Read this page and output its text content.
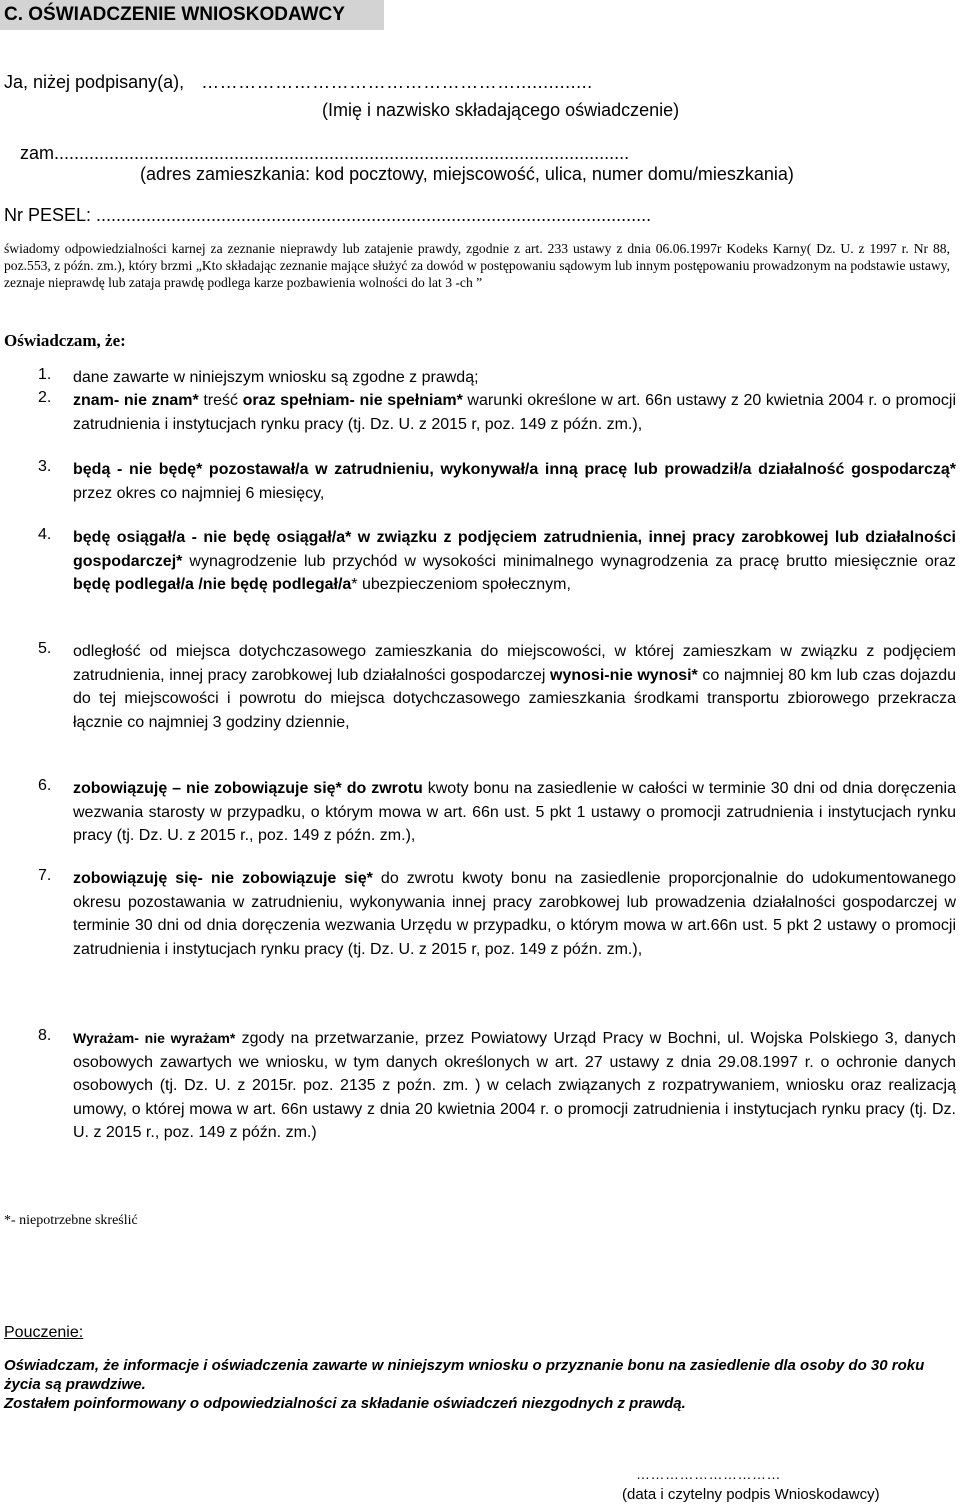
C. OŚWIADCZENIE WNIOSKODAWCY
Ja, niżej podpisany(a), ……………………………………………..............
(Imię i nazwisko składającego oświadczenie)
zam...................................................................................................................
(adres zamieszkania: kod pocztowy, miejscowość, ulica, numer domu/mieszkania)
Nr PESEL: ...............................................................................................................
świadomy odpowiedzialności karnej za zeznanie nieprawdy lub zatajenie prawdy, zgodnie z art. 233 ustawy z dnia 06.06.1997r Kodeks Karny( Dz. U. z 1997 r. Nr 88, poz.553, z późn. zm.), który brzmi „Kto składając zeznanie mające służyć za dowód w postępowaniu sądowym lub innym postępowaniu prowadzonym na podstawie ustawy, zeznaje nieprawdę lub zataja prawdę podlega karze pozbawienia wolności do lat 3 -ch ”
Oświadczam, że:
1.	dane zawarte w niniejszym wniosku są zgodne z prawdą;
2.	znam- nie znam* treść oraz spełniam- nie spełniam* warunki określone w art. 66n ustawy z 20 kwietnia 2004 r. o promocji zatrudnienia i instytucjach rynku pracy (tj. Dz. U. z 2015 r, poz. 149 z późn. zm.),
3.	będą - nie będę* pozostawał/a w zatrudnieniu, wykonywał/a inną pracę lub prowadził/a działalność gospodarczą* przez okres co najmniej 6 miesięcy,
4.	będę osiągał/a - nie będę osiągał/a* w związku z podjęciem zatrudnienia, innej pracy zarobkowej lub działalności gospodarczej* wynagrodzenie lub przychód w wysokości minimalnego wynagrodzenia za pracę brutto miesięcznie oraz będę podlegał/a /nie będę podlegał/a* ubezpieczeniom społecznym,
5.	odległość od miejsca dotychczasowego zamieszkania do miejscowości, w której zamieszkam w związku z podjęciem zatrudnienia, innej pracy zarobkowej lub działalności gospodarczej wynosi-nie wynosi* co najmniej 80 km lub czas dojazdu do tej miejscowości i powrotu do miejsca dotychczasowego zamieszkania środkami transportu zbiorowego przekracza łącznie co najmniej 3 godziny dziennie,
6.	zobowiązuję – nie zobowiązuje się* do zwrotu kwoty bonu na zasiedlenie w całości w terminie 30 dni od dnia doręczenia wezwania starosty w przypadku, o którym mowa w art. 66n ust. 5 pkt 1 ustawy o promocji zatrudnienia i instytucjach rynku pracy (tj. Dz. U. z 2015 r., poz. 149 z późn. zm.),
7.	zobowiązuję się- nie zobowiązuje się* do zwrotu kwoty bonu na zasiedlenie proporcjonalnie do udokumentowanego okresu pozostawania w zatrudnieniu, wykonywania innej pracy zarobkowej lub prowadzenia działalności gospodarczej w terminie 30 dni od dnia doręczenia wezwania Urzędu w przypadku, o którym mowa w art.66n ust. 5 pkt 2 ustawy o promocji zatrudnienia i instytucjach rynku pracy (tj. Dz. U. z 2015 r, poz. 149 z późn. zm.),
8.	Wyrażam- nie wyrażam* zgody na przetwarzanie, przez Powiatowy Urząd Pracy w Bochni, ul. Wojska Polskiego 3, danych osobowych zawartych we wniosku, w tym danych określonych w art. 27 ustawy z dnia 29.08.1997 r. o ochronie danych osobowych (tj. Dz. U. z 2015r. poz. 2135 z poźn. zm. ) w celach związanych z rozpatrywaniem, wniosku oraz realizacją umowy, o której mowa w art. 66n ustawy z dnia 20 kwietnia 2004 r. o promocji zatrudnienia i instytucjach rynku pracy (tj. Dz. U. z 2015 r., poz. 149 z późn. zm.)
*- niepotrzebne skreślić
Pouczenie:
Oświadczam, że informacje i oświadczenia zawarte w niniejszym wniosku o przyznanie bonu na zasiedlenie dla osoby do 30 roku życia są prawdziwe.
Zostałem poinformowany o odpowiedzialności za składanie oświadczeń niezgodnych z prawdą.
…………………………
(data i czytelny podpis Wnioskodawcy)
